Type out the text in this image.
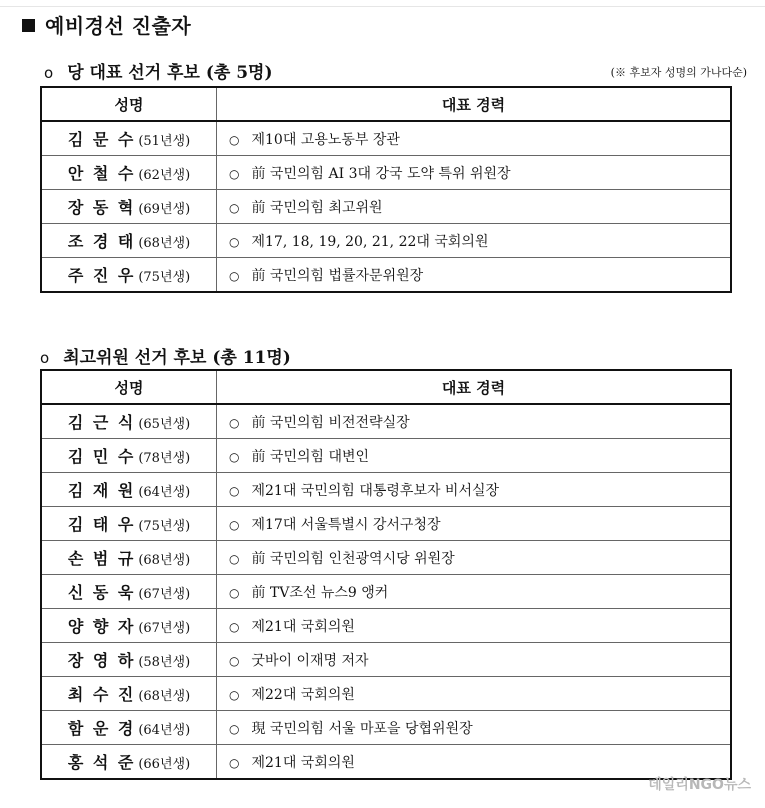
예비경선 진출자
o 당 대표 선거 후보 (총 5명)	(※ 후보자 성명의 가나다순)
성명	대표 경력
김 문 수 (51년생)	○ 제10대 고용노동부 장관
안 철 수 (62년생)	○ 前 국민의힘 AI 3대 강국 도약 특위 위원장
장 동 혁 (69년생)	○ 前 국민의힘 최고위원
조 경 태 (68년생)	○ 제17, 18, 19, 20, 21, 22대 국회의원
주 진 우 (75년생)	○ 前 국민의힘 법률자문위원장
o 최고위원 선거 후보 (총 11명)
성명	대표 경력
김 근 식 (65년생)	○ 前 국민의힘 비전전략실장
김 민 수 (78년생)	○ 前 국민의힘 대변인
김 재 원 (64년생)	○ 제21대 국민의힘 대통령후보자 비서실장
김 태 우 (75년생)	○ 제17대 서울특별시 강서구청장
손 범 규 (68년생)	○ 前 국민의힘 인천광역시당 위원장
신 동 욱 (67년생)	○ 前 TV조선 뉴스9 앵커
양 향 자 (67년생)	○ 제21대 국회의원
장 영 하 (58년생)	○ 굿바이 이재명 저자
최 수 진 (68년생)	○ 제22대 국회의원
함 운 경 (64년생)	○ 現 국민의힘 서울 마포을 당협위원장
홍 석 준 (66년생)	○ 제21대 국회의원
데일리NGO뉴스
